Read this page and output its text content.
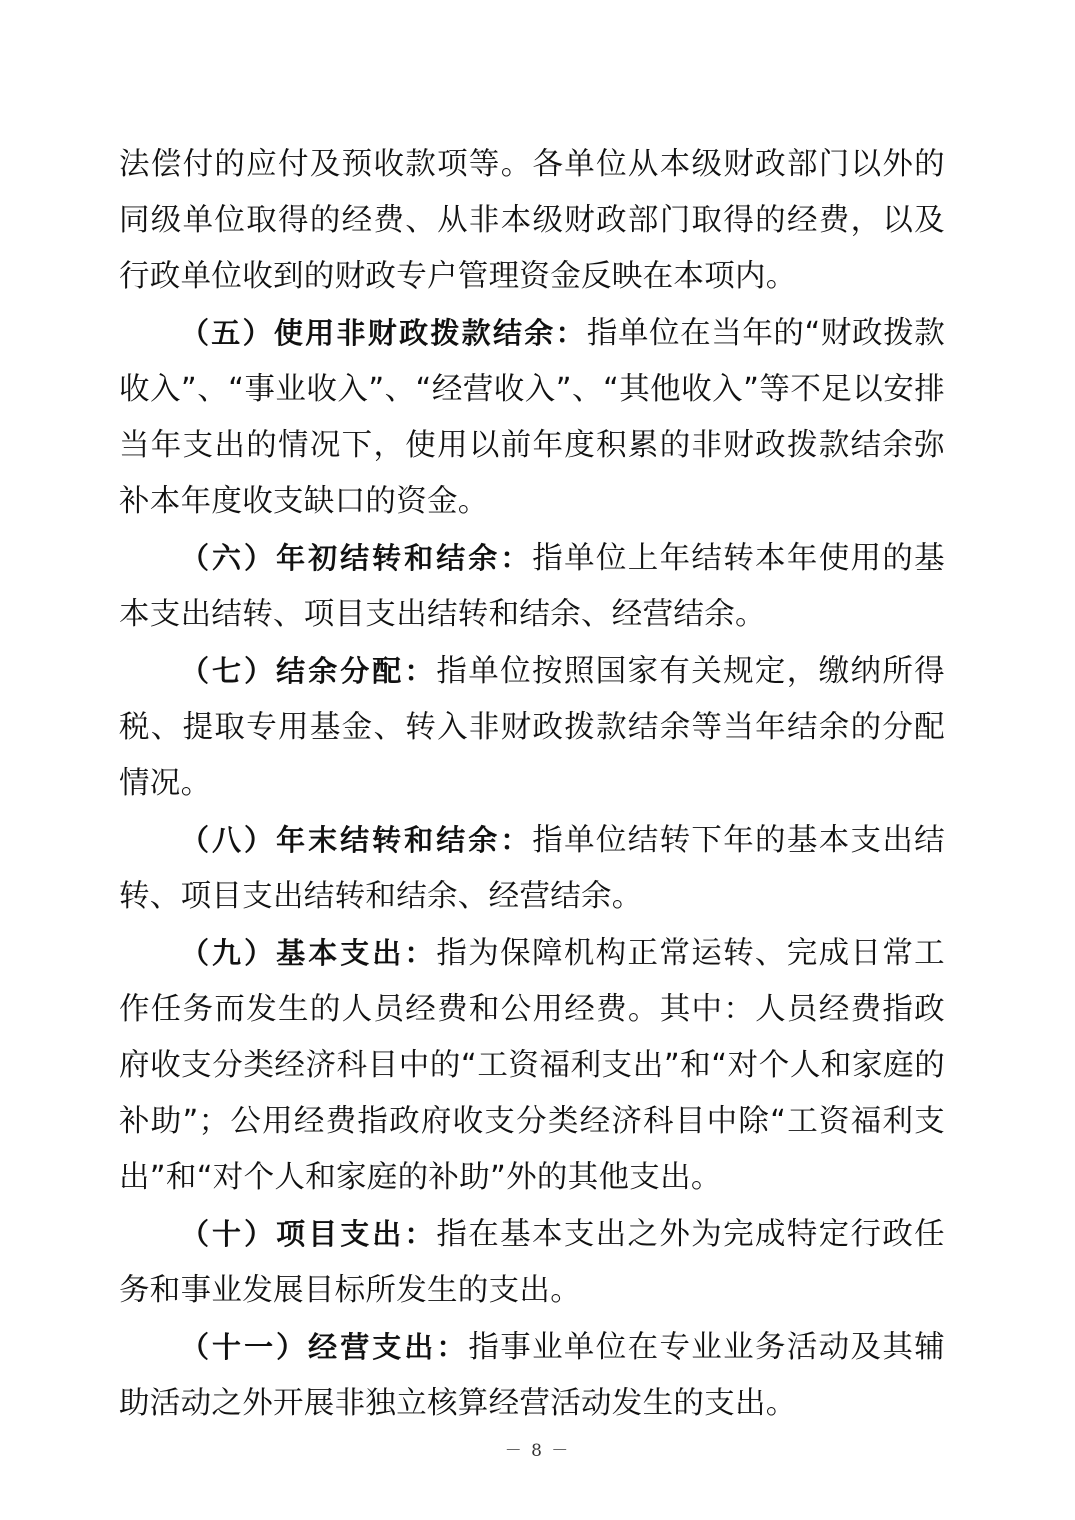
法偿付的应付及预收款项等。各单位从本级财政部门以外的同级单位取得的经费、从非本级财政部门取得的经费，以及行政单位收到的财政专户管理资金反映在本项内。

（五）使用非财政拨款结余：指单位在当年的“财政拨款收入”、“事业收入”、“经营收入”、“其他收入”等不足以安排当年支出的情况下，使用以前年度积累的非财政拨款结余弥补本年度收支缺口的资金。

（六）年初结转和结余：指单位上年结转本年使用的基本支出结转、项目支出结转和结余、经营结余。

（七）结余分配：指单位按照国家有关规定，缴纳所得税、提取专用基金、转入非财政拨款结余等当年结余的分配情况。

（八）年末结转和结余：指单位结转下年的基本支出结转、项目支出结转和结余、经营结余。

（九）基本支出：指为保障机构正常运转、完成日常工作任务而发生的人员经费和公用经费。其中：人员经费指政府收支分类经济科目中的“工资福利支出”和“对个人和家庭的补助”；公用经费指政府收支分类经济科目中除“工资福利支出”和“对个人和家庭的补助”外的其他支出。

（十）项目支出：指在基本支出之外为完成特定行政任务和事业发展目标所发生的支出。

（十一）经营支出：指事业单位在专业业务活动及其辅助活动之外开展非独立核算经营活动发生的支出。

－ 8 －
